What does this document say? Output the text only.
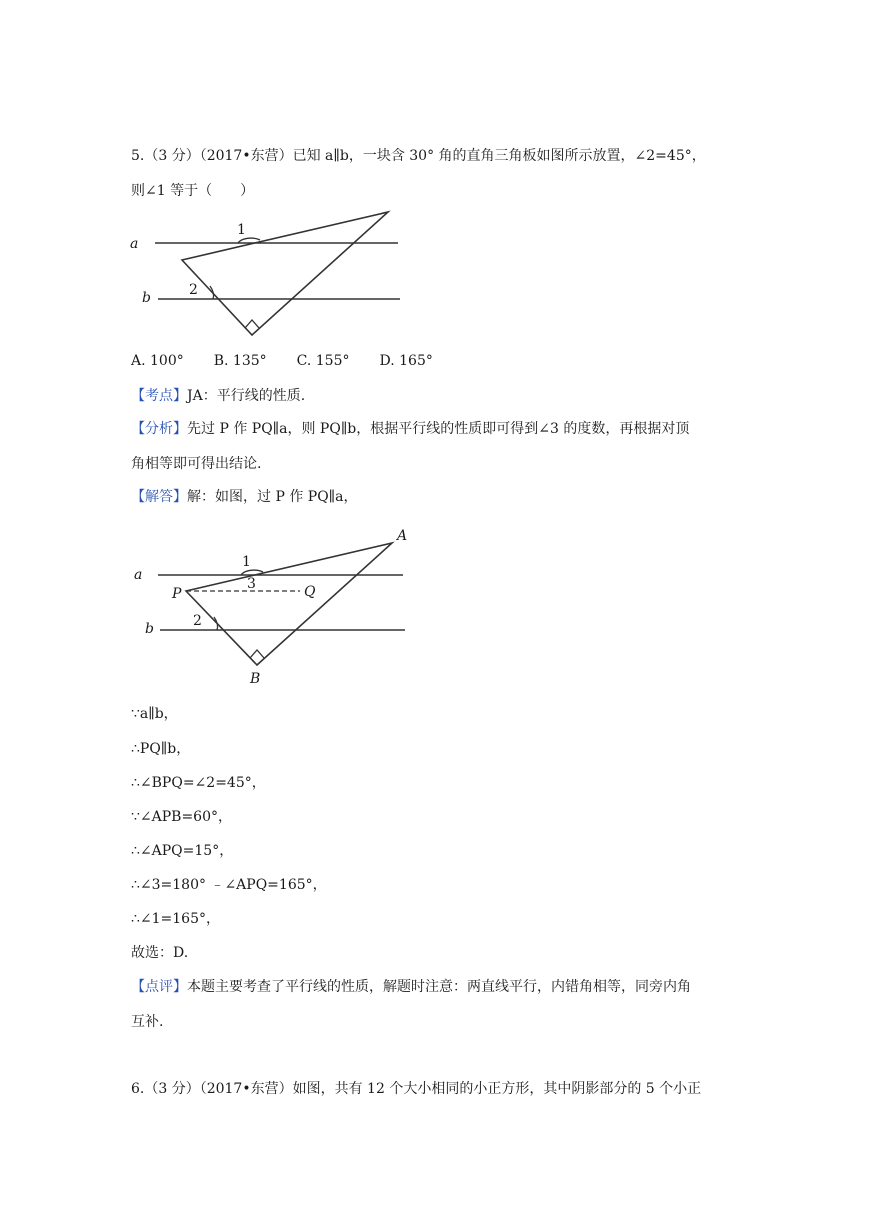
5.（3 分）（2017•东营）已知 a∥b，一块含 30° 角的直角三角板如图所示放置，∠2=45°，
则∠1 等于（　　）
a
b
1
2
A. 100° B. 135° C. 155° D. 165°
【考点】JA：平行线的性质.
【分析】先过 P 作 PQ∥a，则 PQ∥b，根据平行线的性质即可得到∠3 的度数，再根据对顶
角相等即可得出结论.
【解答】解：如图，过 P 作 PQ∥a，
a
b
1
2
3
P	Q
A
B
∵a∥b，
∴PQ∥b，
∴∠BPQ=∠2=45°，
∵∠APB=60°，
∴∠APQ=15°，
∴∠3=180° ﹣∠APQ=165°，
∴∠1=165°，
故选：D.
【点评】本题主要考查了平行线的性质，解题时注意：两直线平行，内错角相等，同旁内角
互补.
6.（3 分）（2017•东营）如图，共有 12 个大小相同的小正方形，其中阴影部分的 5 个小正
